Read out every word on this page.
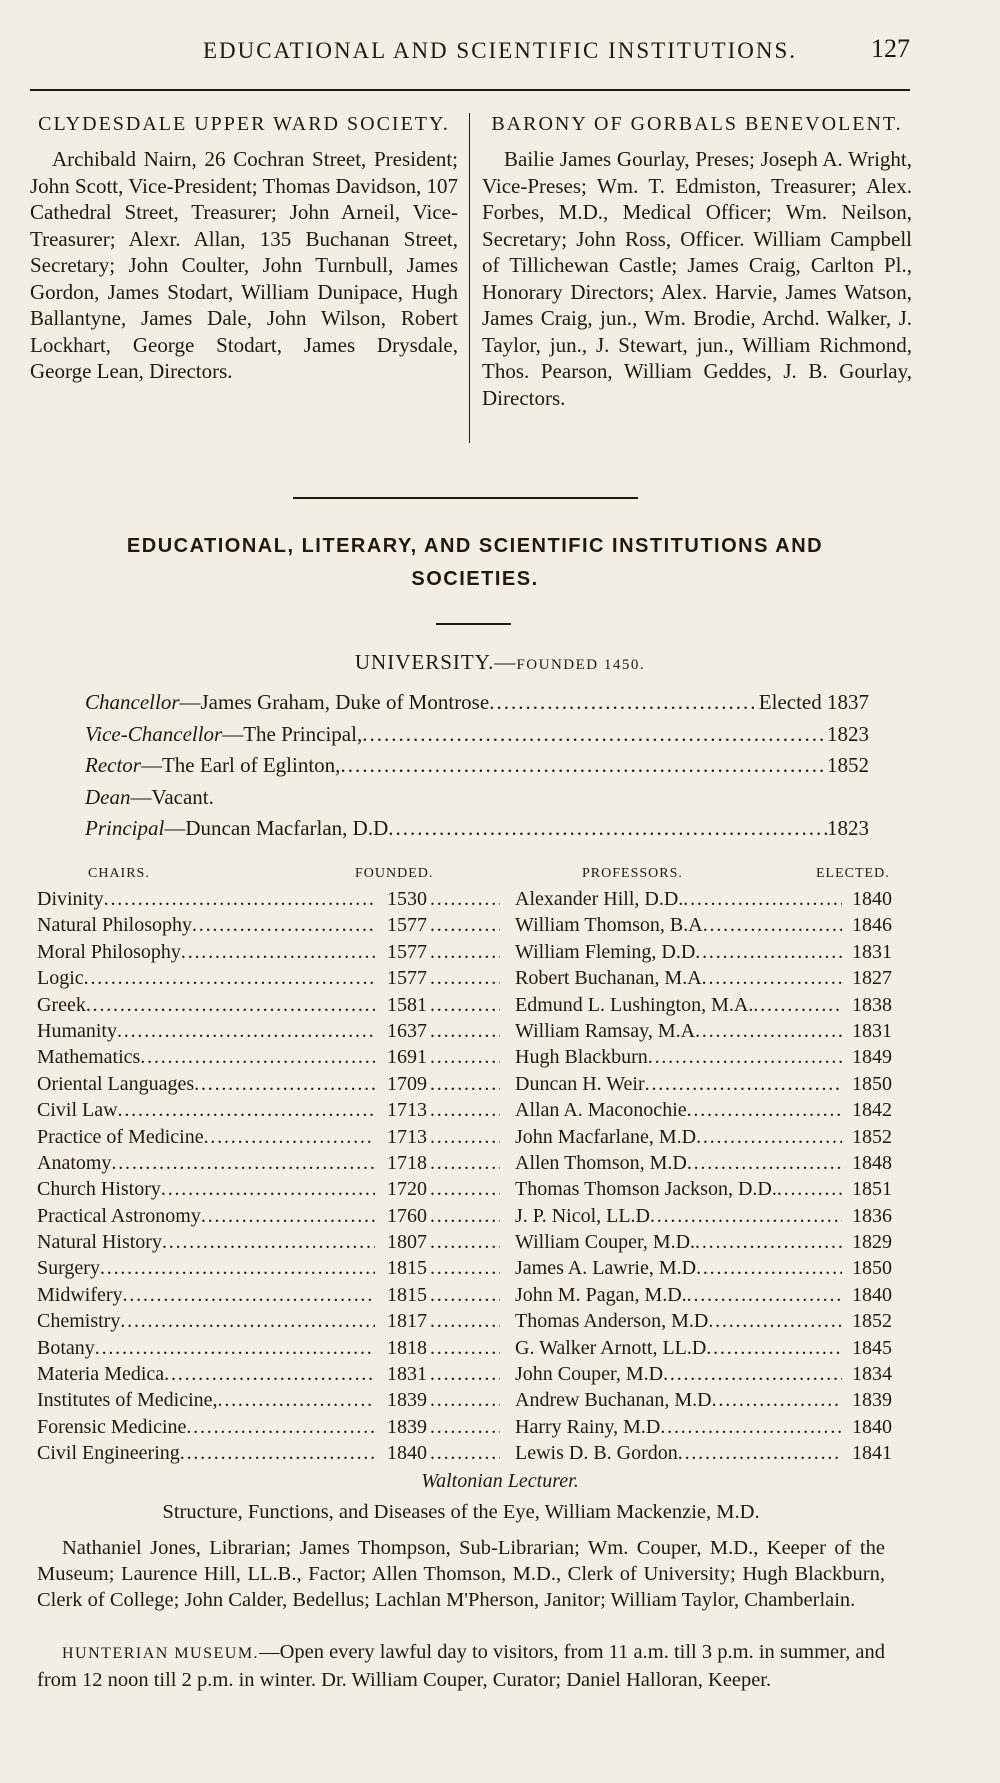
EDUCATIONAL AND SCIENTIFIC INSTITUTIONS.	127
CLYDESDALE UPPER WARD SOCIETY.
Archibald Nairn, 26 Cochran Street, President; John Scott, Vice-President; Thomas Davidson, 107 Cathedral Street, Treasurer; John Arneil, Vice-Treasurer; Alexr. Allan, 135 Buchanan Street, Secretary; John Coulter, John Turnbull, James Gordon, James Stodart, William Dunipace, Hugh Ballantyne, James Dale, John Wilson, Robert Lockhart, George Stodart, James Drysdale, George Lean, Directors.
BARONY OF GORBALS BENEVOLENT.
Bailie James Gourlay, Preses; Joseph A. Wright, Vice-Preses; Wm. T. Edmiston, Treasurer; Alex. Forbes, M.D., Medical Officer; Wm. Neilson, Secretary; John Ross, Officer. William Campbell of Tillichewan Castle; James Craig, Carlton Pl., Honorary Directors; Alex. Harvie, James Watson, James Craig, jun., Wm. Brodie, Archd. Walker, J. Taylor, jun., J. Stewart, jun., William Richmond, Thos. Pearson, William Geddes, J. B. Gourlay, Directors.
EDUCATIONAL, LITERARY, AND SCIENTIFIC INSTITUTIONS AND SOCIETIES.
UNIVERSITY.—FOUNDED 1450.
Chancellor —James Graham, Duke of Montrose .....	Elected 1837
Vice-Chancellor —The Principal, .....	1823
Rector —The Earl of Eglinton, .....	1852
Dean —Vacant.
Principal —Duncan Macfarlan, D.D .....	1823
CHAIRS.	FOUNDED.	PROFESSORS.	ELECTED.
Divinity .....	1530 .....	Alexander Hill, D.D. .....	1840
Natural Philosophy .....	1577 .....	William Thomson, B.A .....	1846
Moral Philosophy .....	1577 .....	William Fleming, D.D .....	1831
Logic .....	1577 .....	Robert Buchanan, M.A .....	1827
Greek .....	1581 .....	Edmund L. Lushington, M.A. .....	1838
Humanity .....	1637 .....	William Ramsay, M.A .....	1831
Mathematics .....	1691 .....	Hugh Blackburn .....	1849
Oriental Languages .....	1709 .....	Duncan H. Weir .....	1850
Civil Law .....	1713 .....	Allan A. Maconochie .....	1842
Practice of Medicine .....	1713 .....	John Macfarlane, M.D .....	1852
Anatomy .....	1718 .....	Allen Thomson, M.D .....	1848
Church History .....	1720 .....	Thomas Thomson Jackson, D.D. .....	1851
Practical Astronomy .....	1760 .....	J. P. Nicol, LL.D .....	1836
Natural History .....	1807 .....	William Couper, M.D. .....	1829
Surgery .....	1815 .....	James A. Lawrie, M.D .....	1850
Midwifery .....	1815 .....	John M. Pagan, M.D. .....	1840
Chemistry .....	1817 .....	Thomas Anderson, M.D .....	1852
Botany .....	1818 .....	G. Walker Arnott, LL.D .....	1845
Materia Medica .....	1831 .....	John Couper, M.D .....	1834
Institutes of Medicine, .....	1839 .....	Andrew Buchanan, M.D .....	1839
Forensic Medicine .....	1839 .....	Harry Rainy, M.D .....	1840
Civil Engineering .....	1840 .....	Lewis D. B. Gordon .....	1841
Waltonian Lecturer.
Structure, Functions, and Diseases of the Eye, William Mackenzie, M.D.
Nathaniel Jones, Librarian; James Thompson, Sub-Librarian; Wm. Couper, M.D., Keeper of the Museum; Laurence Hill, LL.B., Factor; Allen Thomson, M.D., Clerk of University; Hugh Blackburn, Clerk of College; John Calder, Bedellus; Lachlan M'Pherson, Janitor; William Taylor, Chamberlain.
HUNTERIAN MUSEUM.—Open every lawful day to visitors, from 11 a.m. till 3 p.m. in summer, and from 12 noon till 2 p.m. in winter. Dr. William Couper, Curator; Daniel Halloran, Keeper.
